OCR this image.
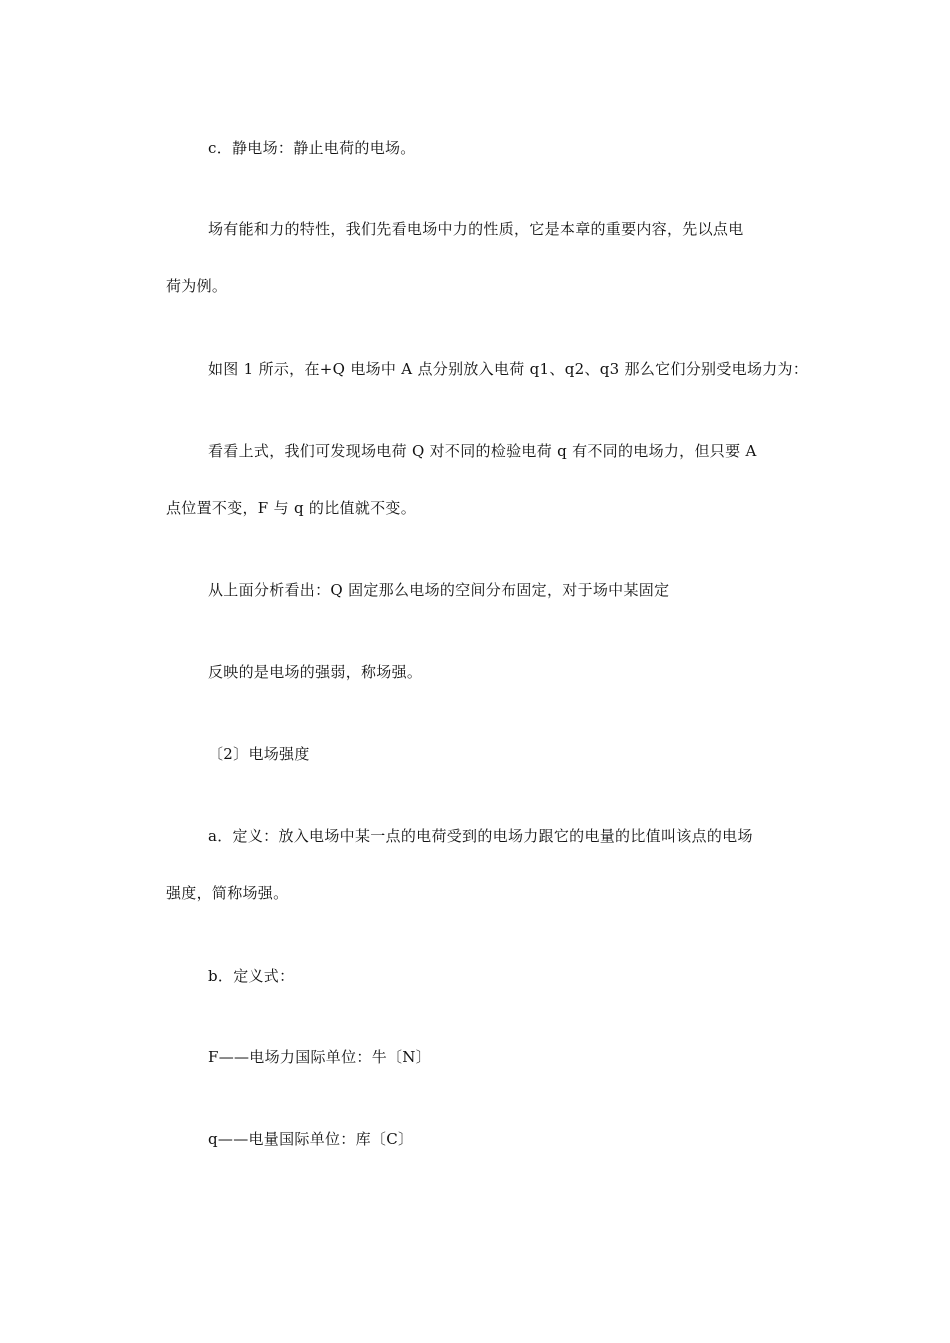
c．静电场：静止电荷的电场。
场有能和力的特性，我们先看电场中力的性质，它是本章的重要内容，先以点电
荷为例。
如图 1 所示，在+Q 电场中 A 点分别放入电荷 q1、q2、q3 那么它们分别受电场力为：
看看上式，我们可发现场电荷 Q 对不同的检验电荷 q 有不同的电场力，但只要 A
点位置不变，F 与 q 的比值就不变。
从上面分析看出：Q 固定那么电场的空间分布固定，对于场中某固定
反映的是电场的强弱，称场强。
〔2〕电场强度
a．定义：放入电场中某一点的电荷受到的电场力跟它的电量的比值叫该点的电场
强度，简称场强。
b．定义式：
F——电场力国际单位：牛〔N〕
q——电量国际单位：库〔C〕
